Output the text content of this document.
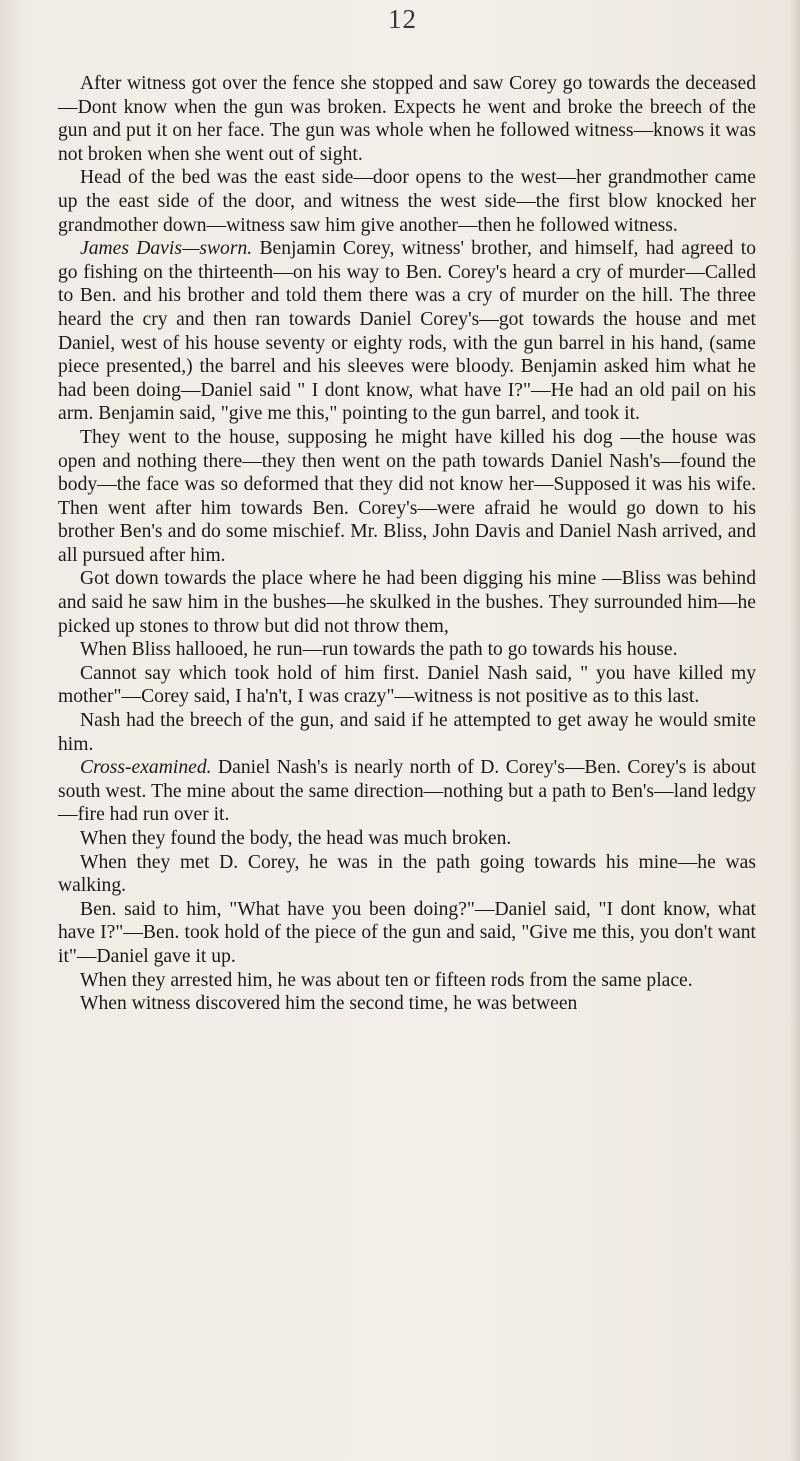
12

After witness got over the fence she stopped and saw Corey go towards the deceased—Dont know when the gun was broken. Expects he went and broke the breech of the gun and put it on her face. The gun was whole when he followed witness—knows it was not broken when she went out of sight.

Head of the bed was the east side—door opens to the west—her grandmother came up the east side of the door, and witness the west side—the first blow knocked her grandmother down—witness saw him give another—then he followed witness.

James Davis—sworn. Benjamin Corey, witness' brother, and himself, had agreed to go fishing on the thirteenth—on his way to Ben. Corey's heard a cry of murder—Called to Ben. and his brother and told them there was a cry of murder on the hill. The three heard the cry and then ran towards Daniel Corey's—got towards the house and met Daniel, west of his house seventy or eighty rods, with the gun barrel in his hand, (same piece presented,) the barrel and his sleeves were bloody. Benjamin asked him what he had been doing—Daniel said " I dont know, what have I?"—He had an old pail on his arm. Benjamin said, "give me this," pointing to the gun barrel, and took it.

They went to the house, supposing he might have killed his dog —the house was open and nothing there—they then went on the path towards Daniel Nash's—found the body—the face was so deformed that they did not know her—Supposed it was his wife. Then went after him towards Ben. Corey's—were afraid he would go down to his brother Ben's and do some mischief. Mr. Bliss, John Davis and Daniel Nash arrived, and all pursued after him.

Got down towards the place where he had been digging his mine —Bliss was behind and said he saw him in the bushes—he skulked in the bushes. They surrounded him—he picked up stones to throw but did not throw them,

When Bliss hallooed, he run—run towards the path to go towards his house.

Cannot say which took hold of him first. Daniel Nash said, " you have killed my mother"—Corey said, I ha'n't, I was crazy"—witness is not positive as to this last.

Nash had the breech of the gun, and said if he attempted to get away he would smite him.

Cross-examined. Daniel Nash's is nearly north of D. Corey's—Ben. Corey's is about south west. The mine about the same direction—nothing but a path to Ben's—land ledgy—fire had run over it.

When they found the body, the head was much broken.

When they met D. Corey, he was in the path going towards his mine—he was walking.

Ben. said to him, "What have you been doing?"—Daniel said, "I dont know, what have I?"—Ben. took hold of the piece of the gun and said, "Give me this, you don't want it"—Daniel gave it up.

When they arrested him, he was about ten or fifteen rods from the same place.

When witness discovered him the second time, he was between
